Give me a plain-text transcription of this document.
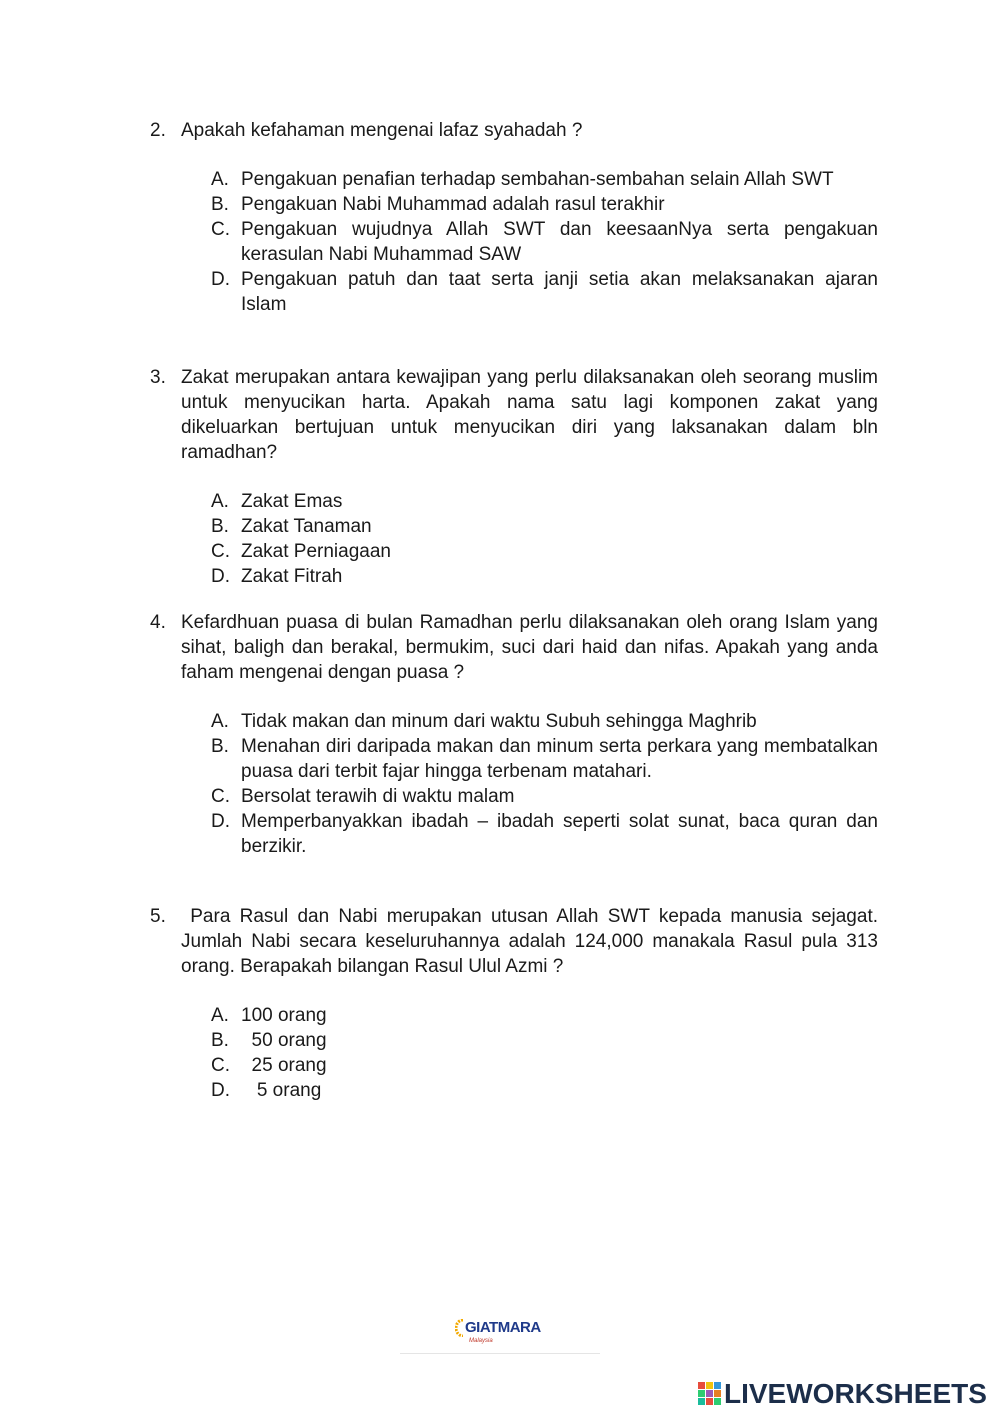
2. Apakah kefahaman mengenai lafaz syahadah ?
A. Pengakuan penafian terhadap sembahan-sembahan selain Allah SWT
B. Pengakuan Nabi Muhammad adalah rasul terakhir
C. Pengakuan wujudnya Allah SWT dan keesaanNya serta pengakuan kerasulan Nabi Muhammad SAW
D. Pengakuan patuh dan taat serta janji setia akan melaksanakan ajaran Islam
3. Zakat merupakan antara kewajipan yang perlu dilaksanakan oleh seorang muslim untuk menyucikan harta. Apakah nama satu lagi komponen zakat yang dikeluarkan bertujuan untuk menyucikan diri yang laksanakan dalam bln ramadhan?
A. Zakat Emas
B. Zakat Tanaman
C. Zakat Perniagaan
D. Zakat Fitrah
4. Kefardhuan puasa di bulan Ramadhan perlu dilaksanakan oleh orang Islam yang sihat, baligh dan berakal, bermukim, suci dari haid dan nifas. Apakah yang anda faham mengenai dengan puasa ?
A. Tidak makan dan minum dari waktu Subuh sehingga Maghrib
B. Menahan diri daripada makan dan minum serta perkara yang membatalkan puasa dari terbit fajar hingga terbenam matahari.
C. Bersolat terawih di waktu malam
D. Memperbanyakkan ibadah – ibadah seperti solat sunat, baca quran dan berzikir.
5. Para Rasul dan Nabi merupakan utusan Allah SWT kepada manusia sejagat. Jumlah Nabi secara keseluruhannya adalah 124,000 manakala Rasul pula 313 orang. Berapakah bilangan Rasul Ulul Azmi ?
A. 100 orang
B. 50 orang
C. 25 orang
D. 5 orang
GIATMARA
Malaysia
LIVEWORKSHEETS
